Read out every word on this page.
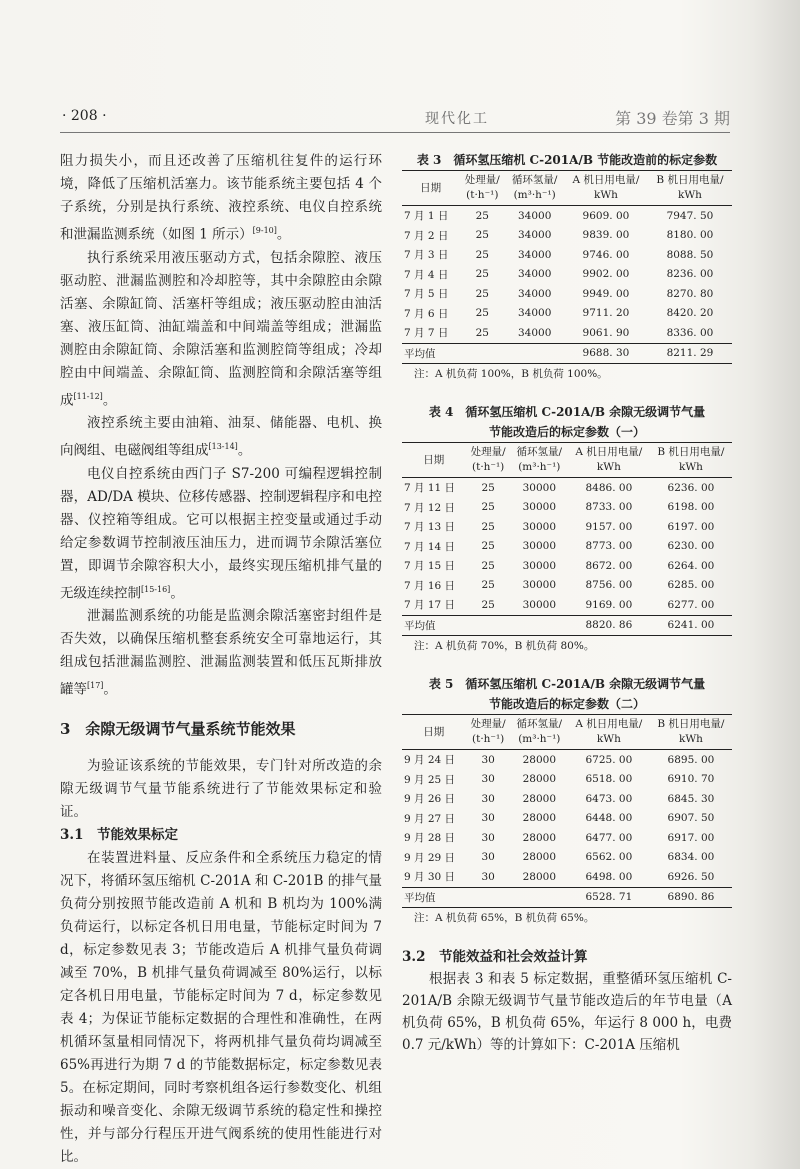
· 208 ·	现代化工	第 39 卷第 3 期

阻力损失小，而且还改善了压缩机往复件的运行环境，降低了压缩机活塞力。该节能系统主要包括 4 个子系统，分别是执行系统、液控系统、电仪自控系统和泄漏监测系统（如图 1 所示）[9-10]。

执行系统采用液压驱动方式，包括余隙腔、液压驱动腔、泄漏监测腔和冷却腔等，其中余隙腔由余隙活塞、余隙缸筒、活塞杆等组成；液压驱动腔由油活塞、液压缸筒、油缸端盖和中间端盖等组成；泄漏监测腔由余隙缸筒、余隙活塞和监测腔筒等组成；冷却腔由中间端盖、余隙缸筒、监测腔筒和余隙活塞等组成[11-12]。

液控系统主要由油箱、油泵、储能器、电机、换向阀组、电磁阀组等组成[13-14]。

电仪自控系统由西门子 S7-200 可编程逻辑控制器，AD/DA 模块、位移传感器、控制逻辑程序和电控器、仪控箱等组成。它可以根据主控变量或通过手动给定参数调节控制液压油压力，进而调节余隙活塞位置，即调节余隙容积大小，最终实现压缩机排气量的无级连续控制[15-16]。

泄漏监测系统的功能是监测余隙活塞密封组件是否失效，以确保压缩机整套系统安全可靠地运行，其组成包括泄漏监测腔、泄漏监测装置和低压瓦斯排放罐等[17]。

3　余隙无级调节气量系统节能效果

为验证该系统的节能效果，专门针对所改造的余隙无级调节气量节能系统进行了节能效果标定和验证。

3.1　节能效果标定

在装置进料量、反应条件和全系统压力稳定的情况下，将循环氢压缩机 C-201A 和 C-201B 的排气量负荷分别按照节能改造前 A 机和 B 机均为 100%满负荷运行，以标定各机日用电量，节能标定时间为 7 d，标定参数见表 3；节能改造后 A 机排气量负荷调减至 70%，B 机排气量负荷调减至 80%运行，以标定各机日用电量，节能标定时间为 7 d，标定参数见表 4；为保证节能标定数据的合理性和准确性，在两机循环氢量相同情况下，将两机排气量负荷均调减至 65%再进行为期 7 d 的节能数据标定，标定参数见表 5。在标定期间，同时考察机组各运行参数变化、机组振动和噪音变化、余隙无级调节系统的稳定性和操控性，并与部分行程压开进气阀系统的使用性能进行对比。

表 3　循环氢压缩机 C-201A/B 节能改造前的标定参数
日期	处理量/
(t·h⁻¹)	循环氢量/
(m³·h⁻¹)	A 机日用电量/
kWh	B 机日用电量/
kWh
7 月 1 日	25	34000	9609. 00	7947. 50
7 月 2 日	25	34000	9839. 00	8180. 00
7 月 3 日	25	34000	9746. 00	8088. 50
7 月 4 日	25	34000	9902. 00	8236. 00
7 月 5 日	25	34000	9949. 00	8270. 80
7 月 6 日	25	34000	9711. 20	8420. 20
7 月 7 日	25	34000	9061. 90	8336. 00
平均值			9688. 30	8211. 29
注：A 机负荷 100%，B 机负荷 100%。
表 4　循环氢压缩机 C-201A/B 余隙无级调节气量
节能改造后的标定参数（一）
日期	处理量/
(t·h⁻¹)	循环氢量/
(m³·h⁻¹)	A 机日用电量/
kWh	B 机日用电量/
kWh
7 月 11 日	25	30000	8486. 00	6236. 00
7 月 12 日	25	30000	8733. 00	6198. 00
7 月 13 日	25	30000	9157. 00	6197. 00
7 月 14 日	25	30000	8773. 00	6230. 00
7 月 15 日	25	30000	8672. 00	6264. 00
7 月 16 日	25	30000	8756. 00	6285. 00
7 月 17 日	25	30000	9169. 00	6277. 00
平均值			8820. 86	6241. 00
注：A 机负荷 70%，B 机负荷 80%。
表 5　循环氢压缩机 C-201A/B 余隙无级调节气量
节能改造后的标定参数（二）
日期	处理量/
(t·h⁻¹)	循环氢量/
(m³·h⁻¹)	A 机日用电量/
kWh	B 机日用电量/
kWh
9 月 24 日	30	28000	6725. 00	6895. 00
9 月 25 日	30	28000	6518. 00	6910. 70
9 月 26 日	30	28000	6473. 00	6845. 30
9 月 27 日	30	28000	6448. 00	6907. 50
9 月 28 日	30	28000	6477. 00	6917. 00
9 月 29 日	30	28000	6562. 00	6834. 00
9 月 30 日	30	28000	6498. 00	6926. 50
平均值			6528. 71	6890. 86
注：A 机负荷 65%，B 机负荷 65%。
3.2　节能效益和社会效益计算

根据表 3 和表 5 标定数据，重整循环氢压缩机 C-201A/B 余隙无级调节气量节能改造后的年节电量（A 机负荷 65%，B 机负荷 65%，年运行 8 000 h，电费 0.7 元/kWh）等的计算如下：C-201A 压缩机
